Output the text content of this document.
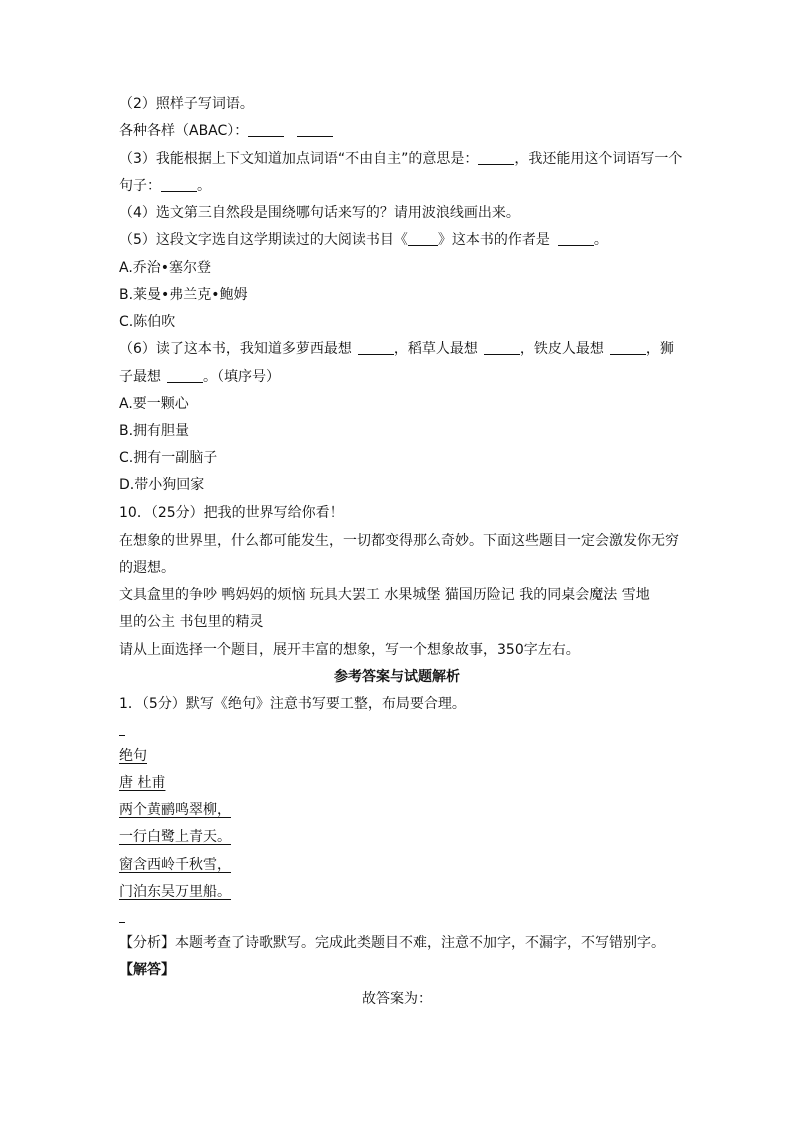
（2）照样子写词语。
各种各样（ABAC）：
（3）我能根据上下文知道加点词语“不由自主”的意思是：	，我还能用这个词语写一个
句子：	。
（4）选文第三自然段是围绕哪句话来写的？请用波浪线画出来。
（5）这段文字选自这学期读过的大阅读书目《 》这本书的作者是	。
A.乔治•塞尔登
B.莱曼•弗兰克•鲍姆
C.陈伯吹
（6）读了这本书，我知道多萝西最想	，稻草人最想	，铁皮人最想	，狮
子最想	。（填序号）
A.要一颗心
B.拥有胆量
C.拥有一副脑子
D.带小狗回家
10．（25分）把我的世界写给你看！
在想象的世界里，什么都可能发生，一切都变得那么奇妙。下面这些题目一定会激发你无穷
的遐想。
文具盒里的争吵 鸭妈妈的烦恼 玩具大罢工 水果城堡 猫国历险记 我的同桌会魔法 雪地
里的公主 书包里的精灵
请从上面选择一个题目，展开丰富的想象，写一个想象故事，350字左右。
参考答案与试题解析
1．（5分）默写《绝句》注意书写要工整，布局要合理。
绝句
唐 杜甫
两个黄鹂鸣翠柳，
一行白鹭上青天。
窗含西岭千秋雪，
门泊东吴万里船。
【分析】本题考查了诗歌默写。完成此类题目不难，注意不加字，不漏字，不写错别字。
【解答】
故答案为：
